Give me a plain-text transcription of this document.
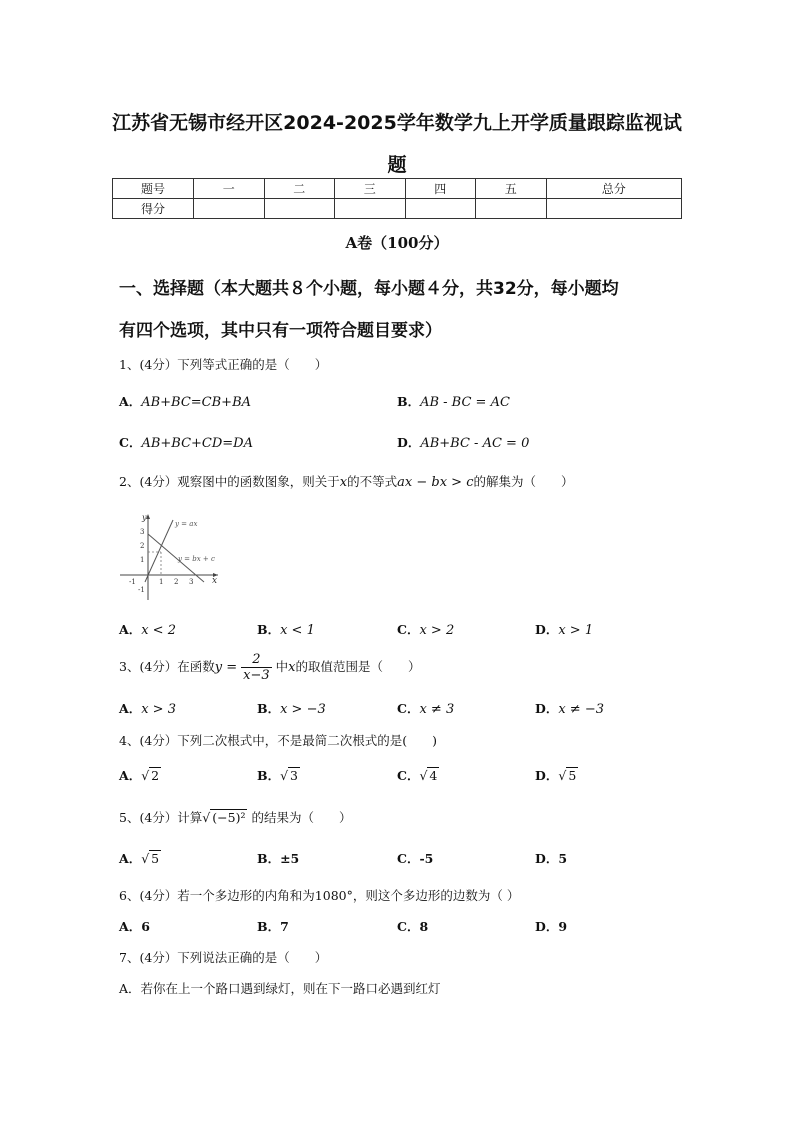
江苏省无锡市经开区2024-2025学年数学九上开学质量跟踪监视试
题
题号	一	二	三	四	五	总分
得分						
A卷（100分）
一、选择题（本大题共８个小题，每小题４分，共32分，每小题均
有四个选项，其中只有一项符合题目要求）
1、(4分）下列等式正确的是（　　）
A．AB+BC=CB+BA	B．AB - BC = AC
C．AB+BC+CD=DA	D．AB+BC - AC = 0
2、(4分）观察图中的函数图象，则关于x的不等式ax − bx > c的解集为（　　）
y = ax
y = bx + c
y
x
3
2
1
-1
-1	1 2 3
A．x < 2	B．x < 1	C．x > 2	D．x > 1
3、(4分）在函数$y = \frac{2}{x-3}$ 中x的取值范围是（　　）
A．x > 3	B．x > −3	C．x ≠ 3	D．x ≠ −3
4、(4分）下列二次根式中，不是最简二次根式的是(　　)
A．√ 2	B．√ 3	C．√ 4	D．√ 5
5、(4分）计算√ (−5)² 的结果为（　　）
A．√ 5	B．±5	C．-5	D．5
6、(4分）若一个多边形的内角和为1080°，则这个多边形的边数为（ ）
A．6	B．7	C．8	D．9
7、(4分）下列说法正确的是（　　）
A．若你在上一个路口遇到绿灯，则在下一路口必遇到红灯
